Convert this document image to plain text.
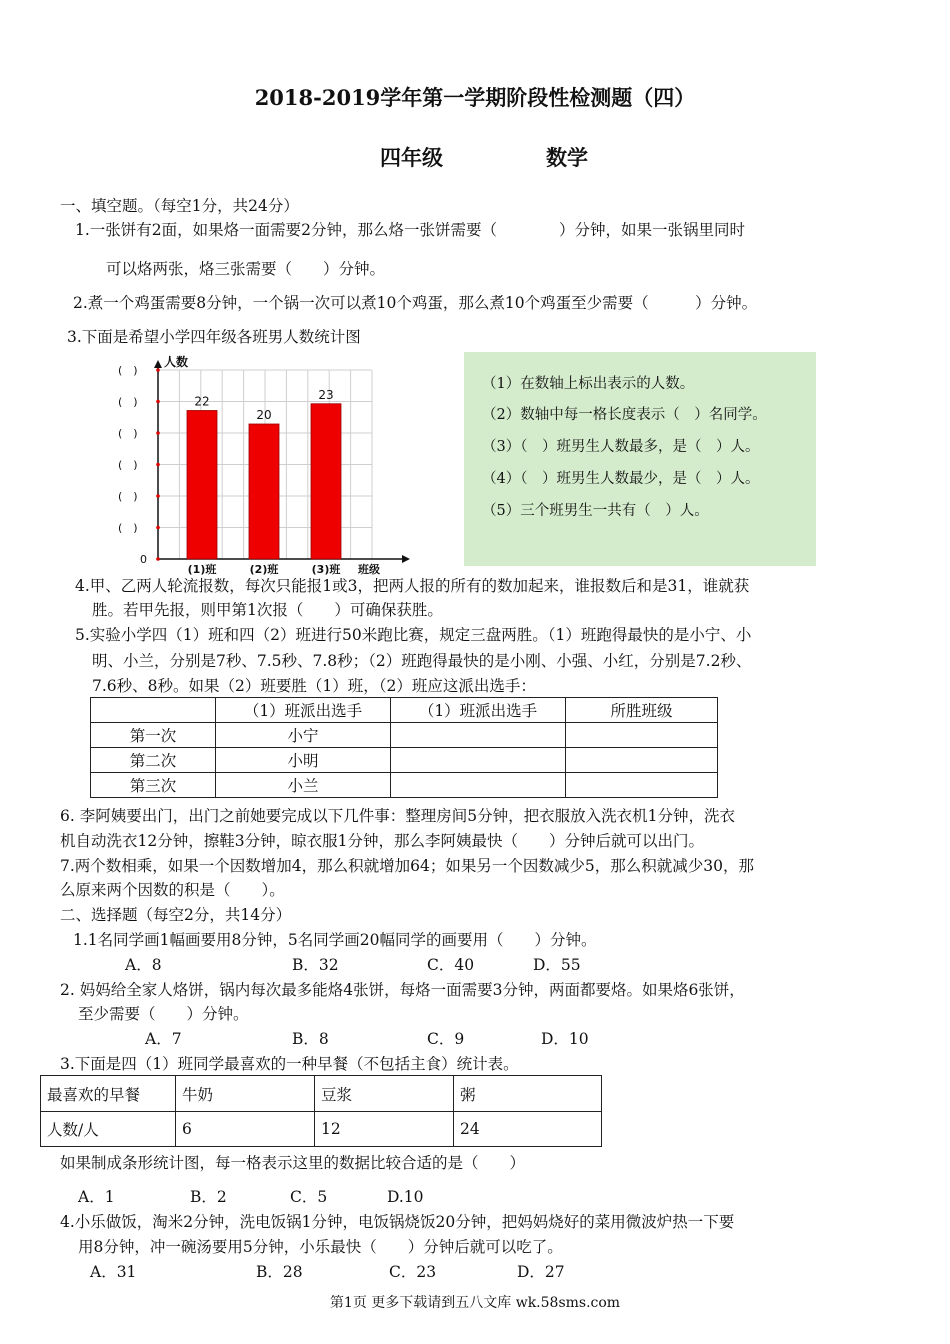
2018-2019学年第一学期阶段性检测题（四）
四年级	数学
一、填空题。（每空1分，共24分）
1.一张饼有2面，如果烙一面需要2分钟，那么烙一张饼需要（　　　　）分钟，如果一张锅里同时
可以烙两张，烙三张需要（　　）分钟。
2.煮一个鸡蛋需要8分钟，一个锅一次可以煮10个鸡蛋，那么煮10个鸡蛋至少需要（　　　）分钟。
3.下面是希望小学四年级各班男人数统计图
0
(　)
(　)
(　)
(　)
(　)
(　)
人数
22
(1)班
20
(2)班
23
(3)班 班级
（1）在数轴上标出表示的人数。
（2）数轴中每一格长度表示（　）名同学。
（3）（　）班男生人数最多，是（　）人。
（4）（　）班男生人数最少，是（　）人。
（5）三个班男生一共有（　）人。
4.甲、乙两人轮流报数，每次只能报1或3，把两人报的所有的数加起来，谁报数后和是31，谁就获
胜。若甲先报，则甲第1次报（　　）可确保获胜。
5.实验小学四（1）班和四（2）班进行50米跑比赛，规定三盘两胜。（1）班跑得最快的是小宁、小
明、小兰，分别是7秒、7.5秒、7.8秒；（2）班跑得最快的是小刚、小强、小红，分别是7.2秒、
7.6秒、8秒。如果（2）班要胜（1）班，（2）班应这派出选手：
	（1）班派出选手	（1）班派出选手	所胜班级
第一次	小宁		
第二次	小明		
第三次	小兰		
6. 李阿姨要出门，出门之前她要完成以下几件事：整理房间5分钟，把衣服放入洗衣机1分钟，洗衣
机自动洗衣12分钟，擦鞋3分钟，晾衣服1分钟，那么李阿姨最快（　　）分钟后就可以出门。
7.两个数相乘，如果一个因数增加4，那么积就增加64；如果另一个因数减少5，那么积就减少30，那
么原来两个因数的积是（　　）。
二、选择题（每空2分，共14分）
1.1名同学画1幅画要用8分钟，5名同学画20幅同学的画要用（　　）分钟。
A．8	B．32	C．40	D．55
2. 妈妈给全家人烙饼，锅内每次最多能烙4张饼，每烙一面需要3分钟，两面都要烙。如果烙6张饼，
至少需要（　　）分钟。
A．7	B．8	C．9	D．10
3.下面是四（1）班同学最喜欢的一种早餐（不包括主食）统计表。
最喜欢的早餐	牛奶	豆浆	粥
人数/人	6	12	24
如果制成条形统计图，每一格表示这里的数据比较合适的是（　　）
A．1	B．2	C．5	D.10
4.小乐做饭，淘米2分钟，洗电饭锅1分钟，电饭锅烧饭20分钟，把妈妈烧好的菜用微波炉热一下要
用8分钟，冲一碗汤要用5分钟，小乐最快（　　）分钟后就可以吃了。
A．31	B．28	C．23	D．27
第1页 更多下载请到五八文库 wk.58sms.com
